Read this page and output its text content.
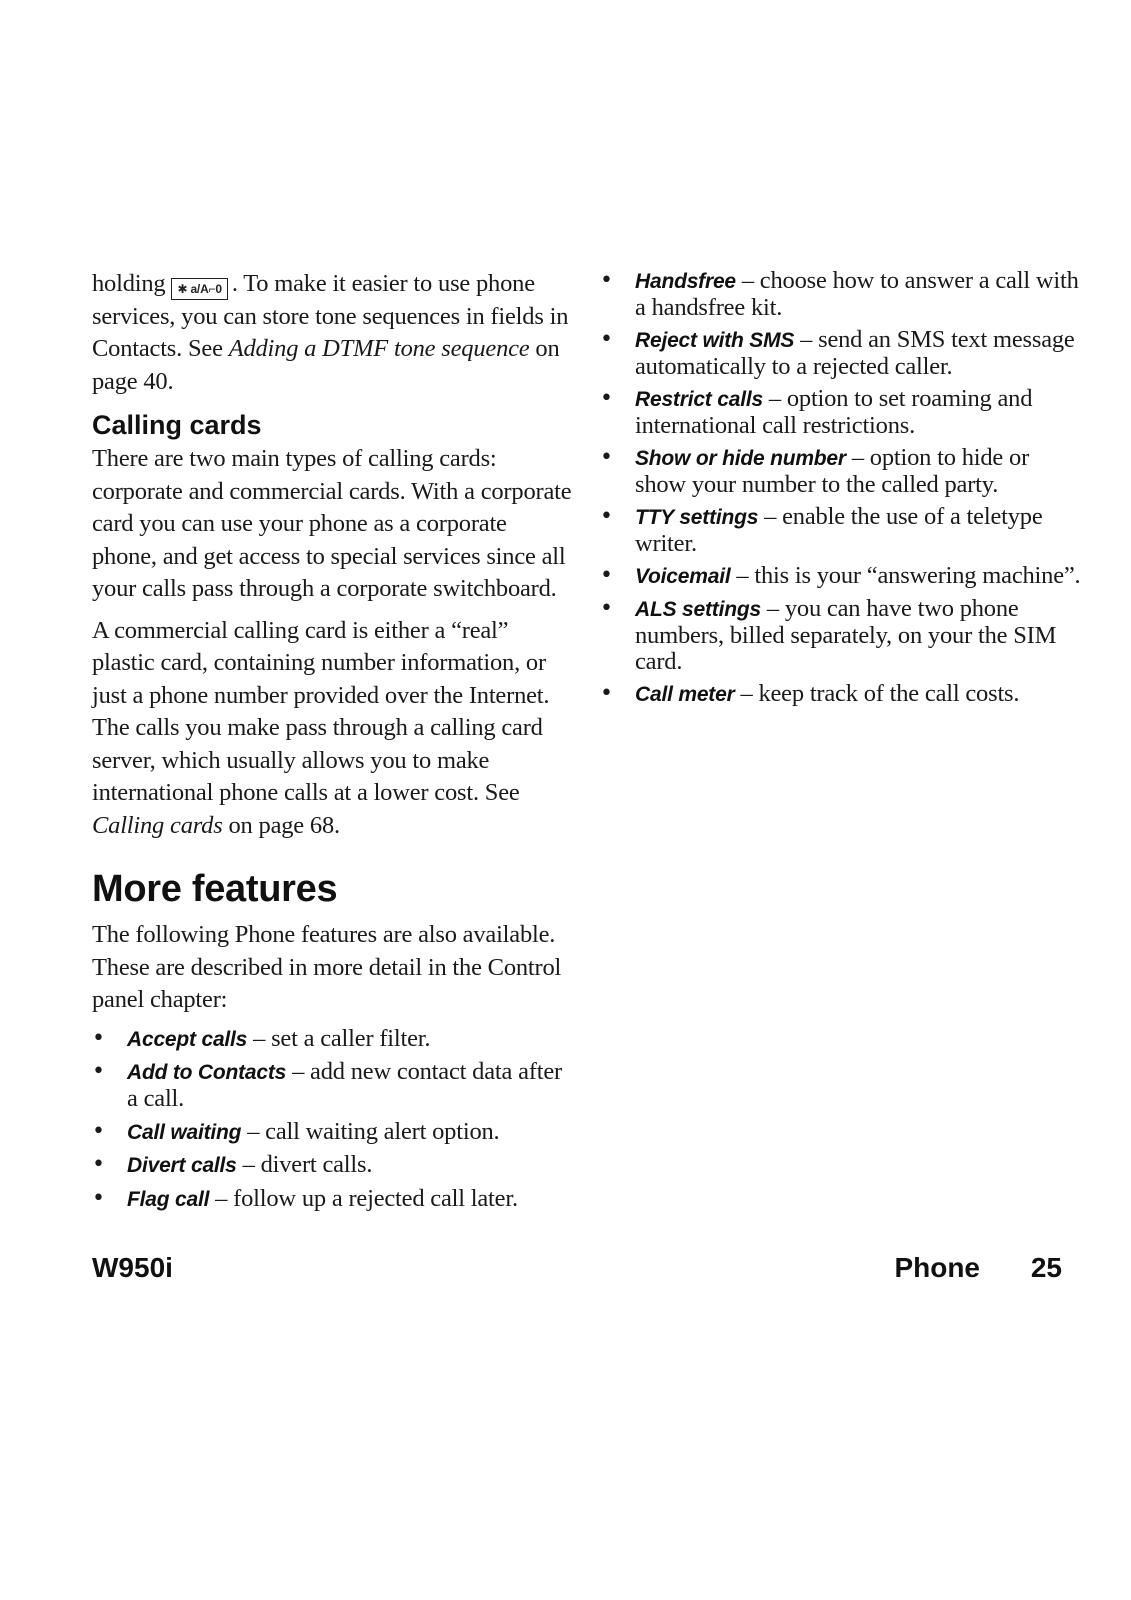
holding ✱ a/A⌐0 . To make it easier to use phone services, you can store tone sequences in fields in Contacts. See Adding a DTMF tone sequence on page 40.

Calling cards

There are two main types of calling cards: corporate and commercial cards. With a corporate card you can use your phone as a corporate phone, and get access to special services since all your calls pass through a corporate switchboard.

A commercial calling card is either a “real” plastic card, containing number information, or just a phone number provided over the Internet. The calls you make pass through a calling card server, which usually allows you to make international phone calls at a lower cost. See Calling cards on page 68.

More features

The following Phone features are also available. These are described in more detail in the Control panel chapter:

• Accept calls – set a caller filter.
• Add to Contacts – add new contact data after a call.
• Call waiting – call waiting alert option.
• Divert calls – divert calls.
• Flag call – follow up a rejected call later.
• Handsfree – choose how to answer a call with a handsfree kit.
• Reject with SMS – send an SMS text message automatically to a rejected caller.
• Restrict calls – option to set roaming and international call restrictions.
• Show or hide number – option to hide or show your number to the called party.
• TTY settings – enable the use of a teletype writer.
• Voicemail – this is your “answering machine”.
• ALS settings – you can have two phone numbers, billed separately, on your the SIM card.
• Call meter – keep track of the call costs.
W950i	Phone 25
